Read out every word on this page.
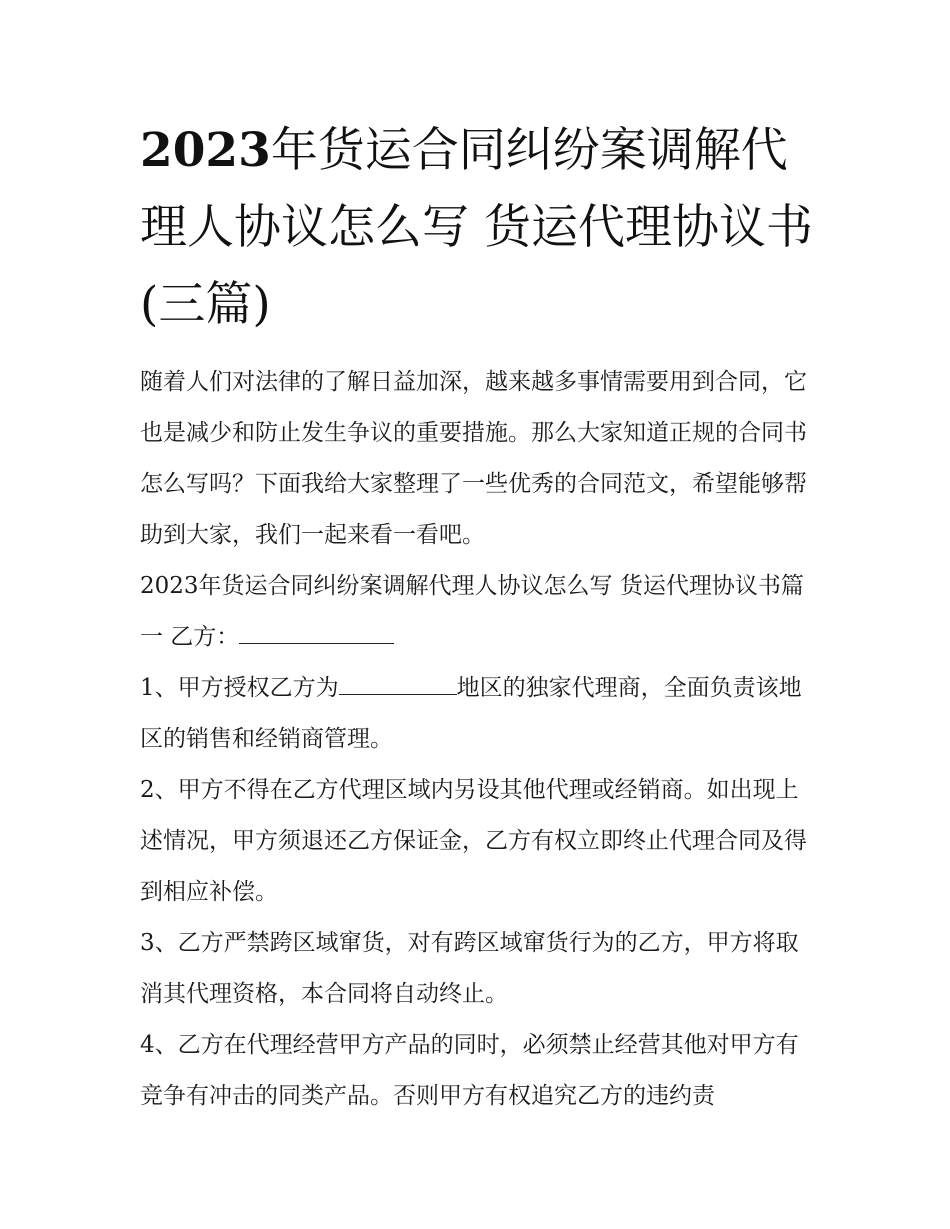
2023年货运合同纠纷案调解代理人协议怎么写 货运代理协议书(三篇)

随着人们对法律的了解日益加深，越来越多事情需要用到合同，它也是减少和防止发生争议的重要措施。那么大家知道正规的合同书怎么写吗？下面我给大家整理了一些优秀的合同范文，希望能够帮助到大家，我们一起来看一看吧。

2023年货运合同纠纷案调解代理人协议怎么写 货运代理协议书篇一 乙方：

1、甲方授权乙方为	地区的独家代理商，全面负责该地区的销售和经销商管理。

2、甲方不得在乙方代理区域内另设其他代理或经销商。如出现上述情况，甲方须退还乙方保证金，乙方有权立即终止代理合同及得到相应补偿。

3、乙方严禁跨区域窜货，对有跨区域窜货行为的乙方，甲方将取消其代理资格，本合同将自动终止。

4、乙方在代理经营甲方产品的同时，必须禁止经营其他对甲方有竞争有冲击的同类产品。否则甲方有权追究乙方的违约责
